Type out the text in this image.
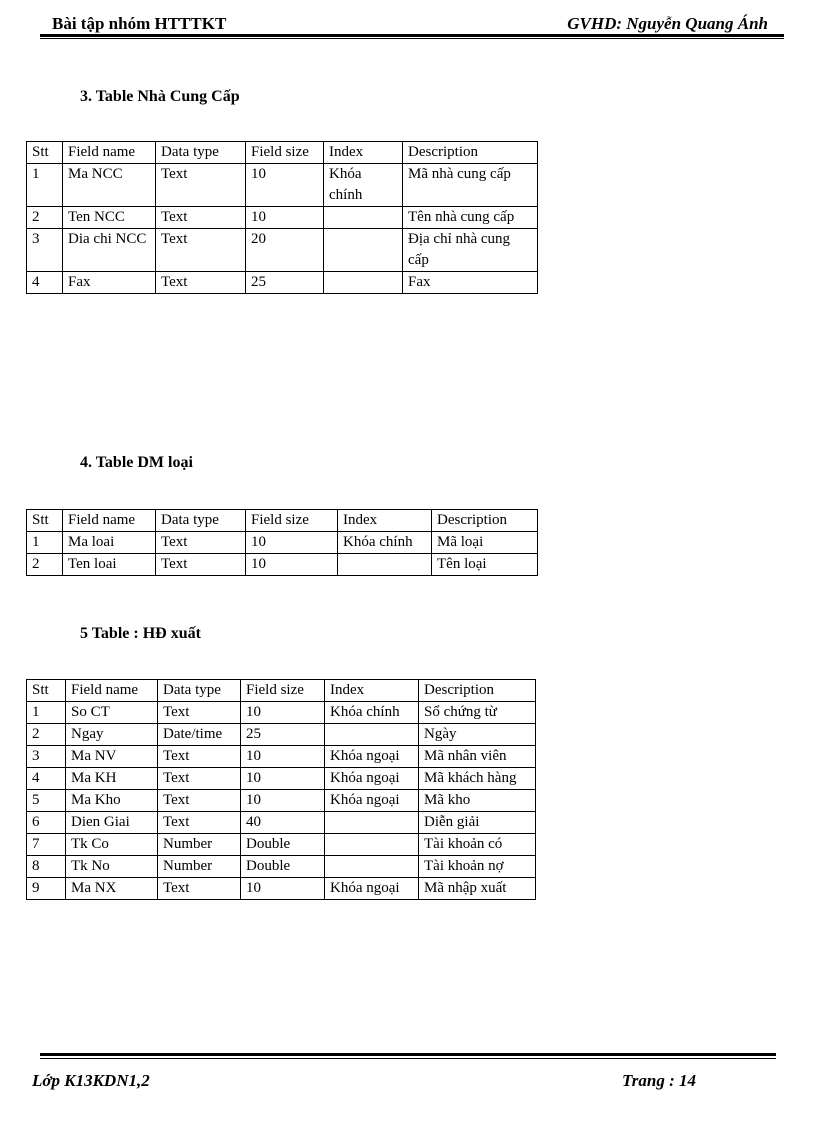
Bài tập nhóm HTTTKT	GVHD: Nguyễn Quang Ánh
3. Table Nhà Cung Cấp
Stt	Field name	Data type	Field size	Index	Description
1	Ma NCC	Text	10	Khóa chính	Mã nhà cung cấp
2	Ten NCC	Text	10		Tên nhà cung cấp
3	Dia chi NCC	Text	20		Địa chỉ nhà cung cấp
4	Fax	Text	25		Fax
4. Table DM loại
Stt	Field name	Data type	Field size	Index	Description
1	Ma loai	Text	10	Khóa chính	Mã loại
2	Ten loai	Text	10		Tên loại
5 Table : HĐ xuất
Stt	Field name	Data type	Field size	Index	Description
1	So CT	Text	10	Khóa chính	Sổ chứng từ
2	Ngay	Date/time	25		Ngày
3	Ma NV	Text	10	Khóa ngoại	Mã nhân viên
4	Ma KH	Text	10	Khóa ngoại	Mã khách hàng
5	Ma Kho	Text	10	Khóa ngoại	Mã kho
6	Dien Giai	Text	40		Diễn giải
7	Tk Co	Number	Double		Tài khoản có
8	Tk No	Number	Double		Tài khoản nợ
9	Ma NX	Text	10	Khóa ngoại	Mã nhập xuất
Lớp K13KDN1,2	Trang : 14
